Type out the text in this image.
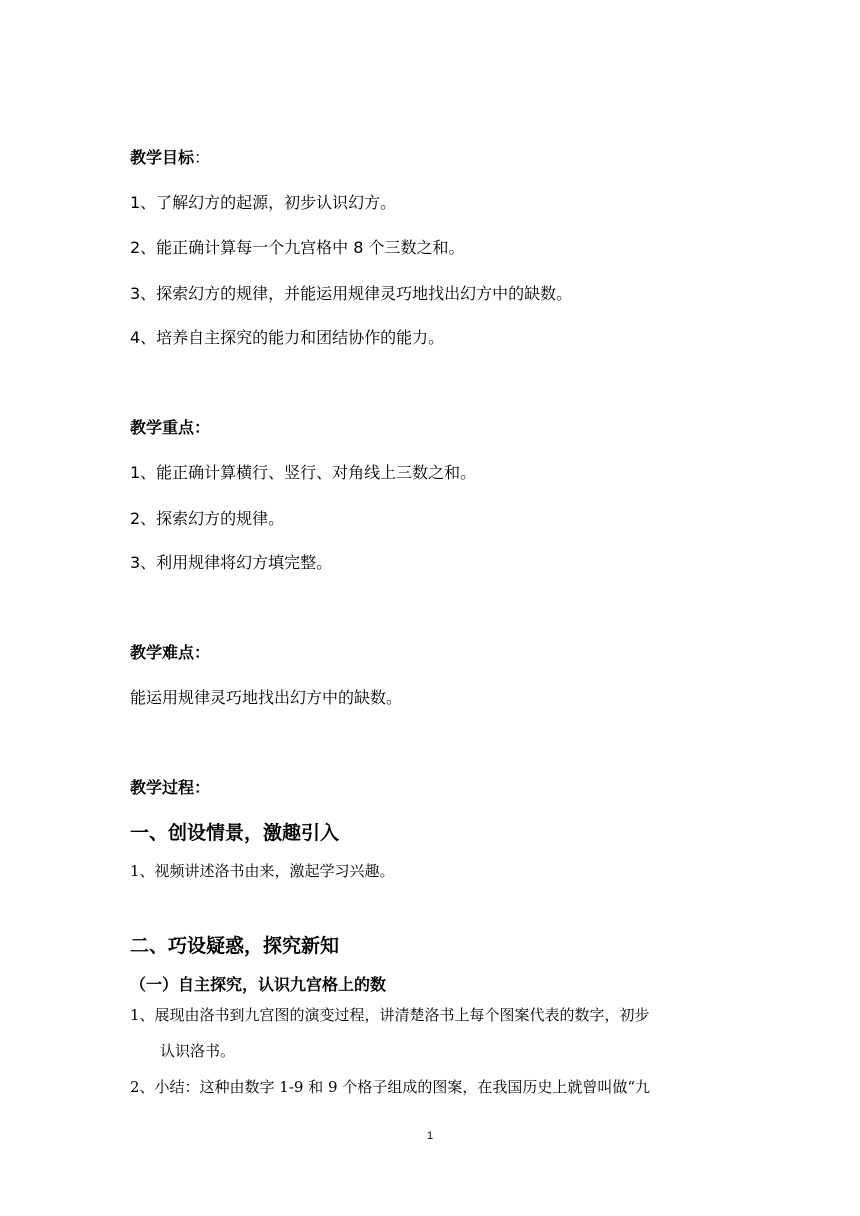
教学目标：
1、了解幻方的起源，初步认识幻方。
2、能正确计算每一个九宫格中 8 个三数之和。
3、探索幻方的规律，并能运用规律灵巧地找出幻方中的缺数。
4、培养自主探究的能力和团结协作的能力。
教学重点：
1、能正确计算横行、竖行、对角线上三数之和。
2、探索幻方的规律。
3、利用规律将幻方填完整。
教学难点：
能运用规律灵巧地找出幻方中的缺数。
教学过程：
一、创设情景，激趣引入
1、视频讲述洛书由来，激起学习兴趣。
二、巧设疑惑，探究新知
（一）自主探究，认识九宫格上的数
1、展现由洛书到九宫图的演变过程，讲清楚洛书上每个图案代表的数字，初步
认识洛书。
2、小结：这种由数字 1-9 和 9 个格子组成的图案，在我国历史上就曾叫做“九
1
